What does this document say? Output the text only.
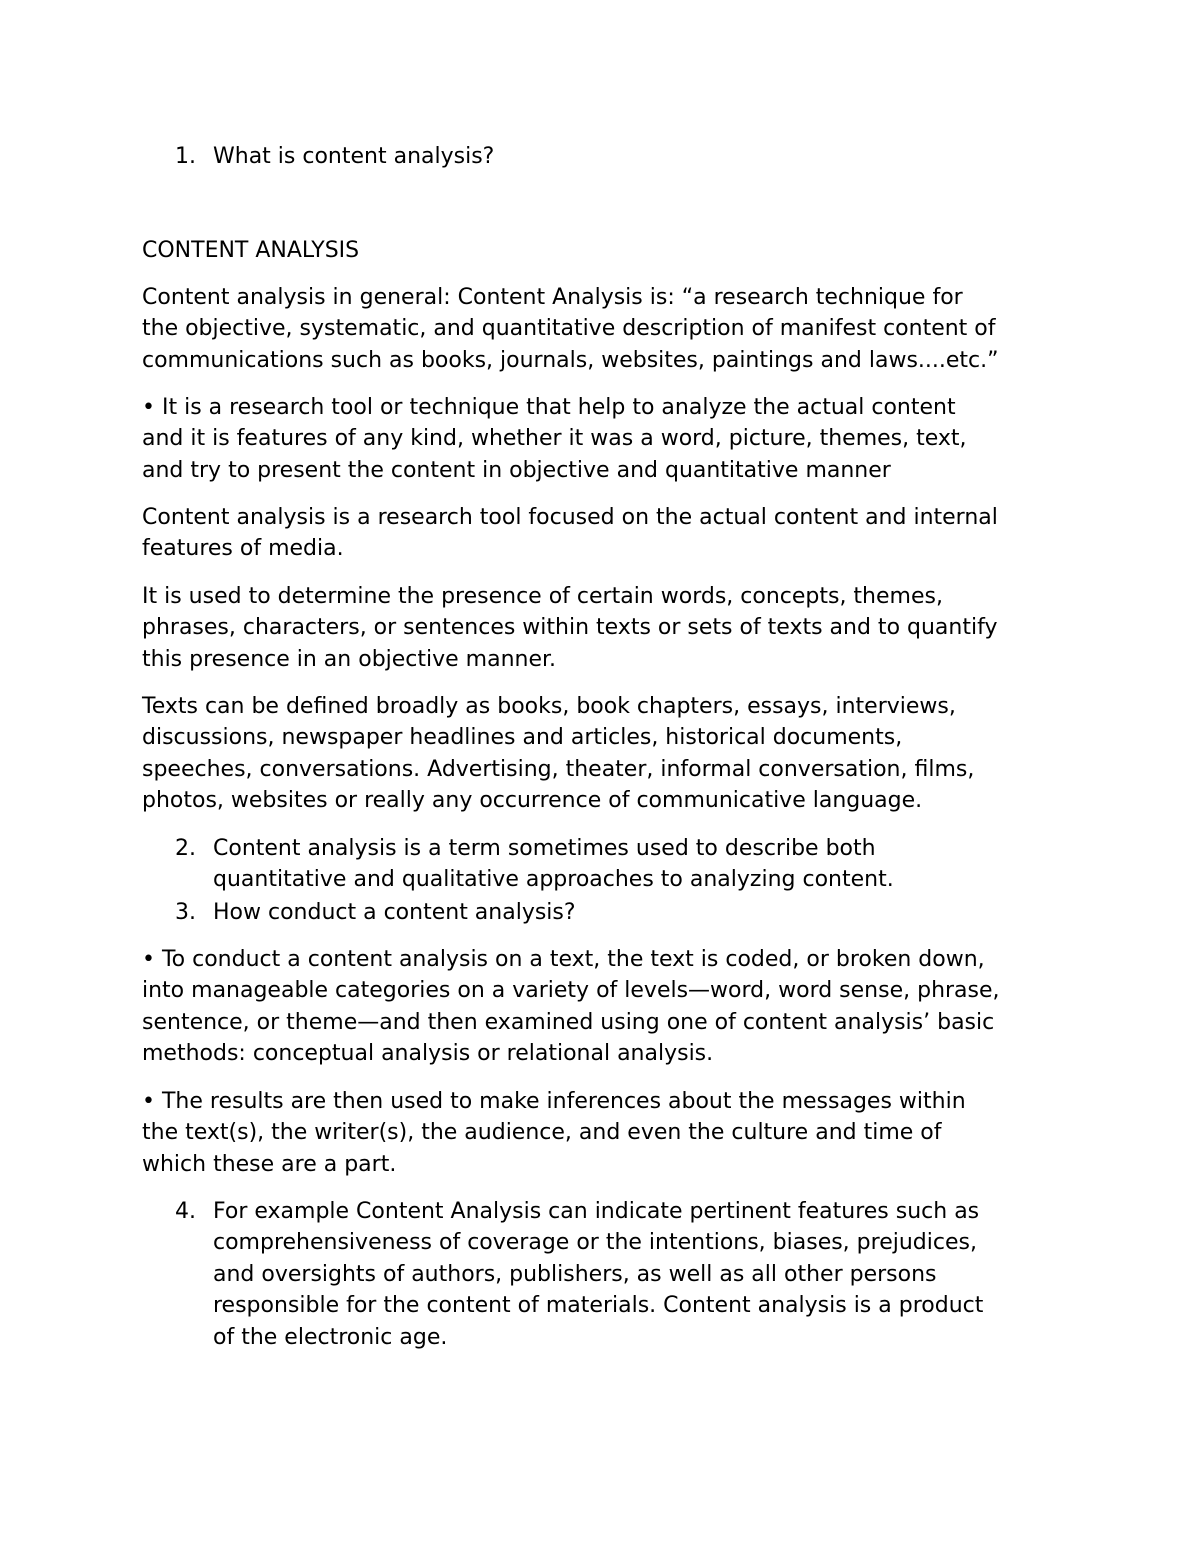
1. What is content analysis?

CONTENT ANALYSIS

Content analysis in general: Content Analysis is: “a research technique for
the objective, systematic, and quantitative description of manifest content of
communications such as books, journals, websites, paintings and laws....etc.”

• It is a research tool or technique that help to analyze the actual content
and it is features of any kind, whether it was a word, picture, themes, text,
and try to present the content in objective and quantitative manner

Content analysis is a research tool focused on the actual content and internal
features of media.

It is used to determine the presence of certain words, concepts, themes,
phrases, characters, or sentences within texts or sets of texts and to quantify
this presence in an objective manner.

Texts can be defined broadly as books, book chapters, essays, interviews,
discussions, newspaper headlines and articles, historical documents,
speeches, conversations. Advertising, theater, informal conversation, films,
photos, websites or really any occurrence of communicative language.

2. Content analysis is a term sometimes used to describe both
quantitative and qualitative approaches to analyzing content.
3. How conduct a content analysis?

• To conduct a content analysis on a text, the text is coded, or broken down,
into manageable categories on a variety of levels—word, word sense, phrase,
sentence, or theme—and then examined using one of content analysis’ basic
methods: conceptual analysis or relational analysis.

• The results are then used to make inferences about the messages within
the text(s), the writer(s), the audience, and even the culture and time of
which these are a part.

4. For example Content Analysis can indicate pertinent features such as
comprehensiveness of coverage or the intentions, biases, prejudices,
and oversights of authors, publishers, as well as all other persons
responsible for the content of materials. Content analysis is a product
of the electronic age.
